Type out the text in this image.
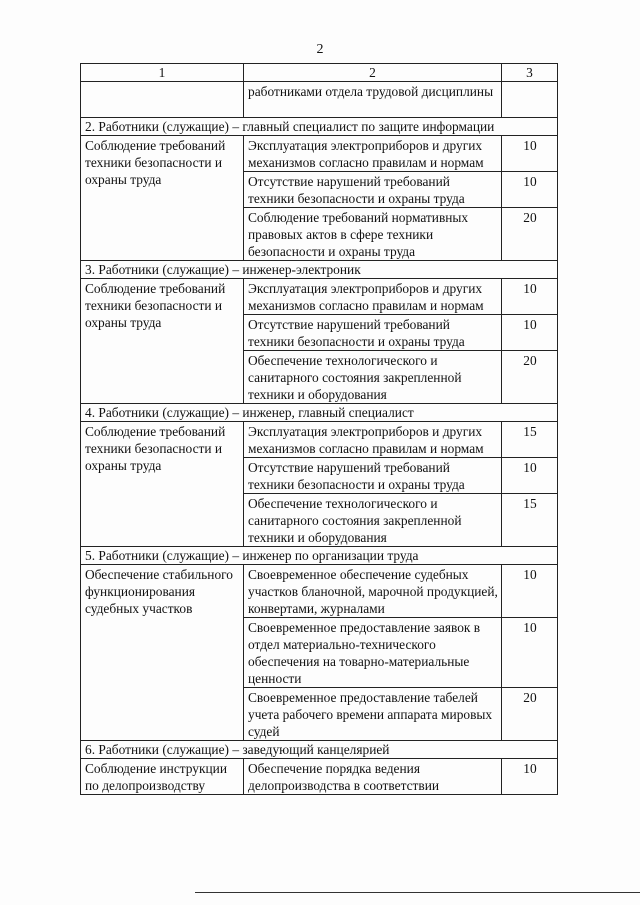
2
1	2	3
	работниками отдела трудовой дисциплины	
2. Работники (служащие) – главный специалист по защите информации		
Соблюдение требований техники безопасности и охраны труда	Эксплуатация электроприборов и других механизмов согласно правилам и нормам	10
	Отсутствие нарушений требований техники безопасности и охраны труда	10
	Соблюдение требований нормативных правовых актов в сфере техники безопасности и охраны труда	20
3. Работники (служащие) – инженер-электроник		
Соблюдение требований техники безопасности и охраны труда	Эксплуатация электроприборов и других механизмов согласно правилам и нормам	10
	Отсутствие нарушений требований техники безопасности и охраны труда	10
	Обеспечение технологического и санитарного состояния закрепленной техники и оборудования	20
4. Работники (служащие) – инженер, главный специалист		
Соблюдение требований техники безопасности и охраны труда	Эксплуатация электроприборов и других механизмов согласно правилам и нормам	15
	Отсутствие нарушений требований техники безопасности и охраны труда	10
	Обеспечение технологического и санитарного состояния закрепленной техники и оборудования	15
5. Работники (служащие) – инженер по организации труда		
Обеспечение стабильного функционирования судебных участков	Своевременное обеспечение судебных участков бланочной, марочной продукцией, конвертами, журналами	10
	Своевременное предоставление заявок в отдел материально-технического обеспечения на товарно-материальные ценности	10
	Своевременное предоставление табелей учета рабочего времени аппарата мировых судей	20
6. Работники (служащие) – заведующий канцелярией		
Соблюдение инструкции по делопроизводству	Обеспечение порядка ведения делопроизводства в соответствии	10
